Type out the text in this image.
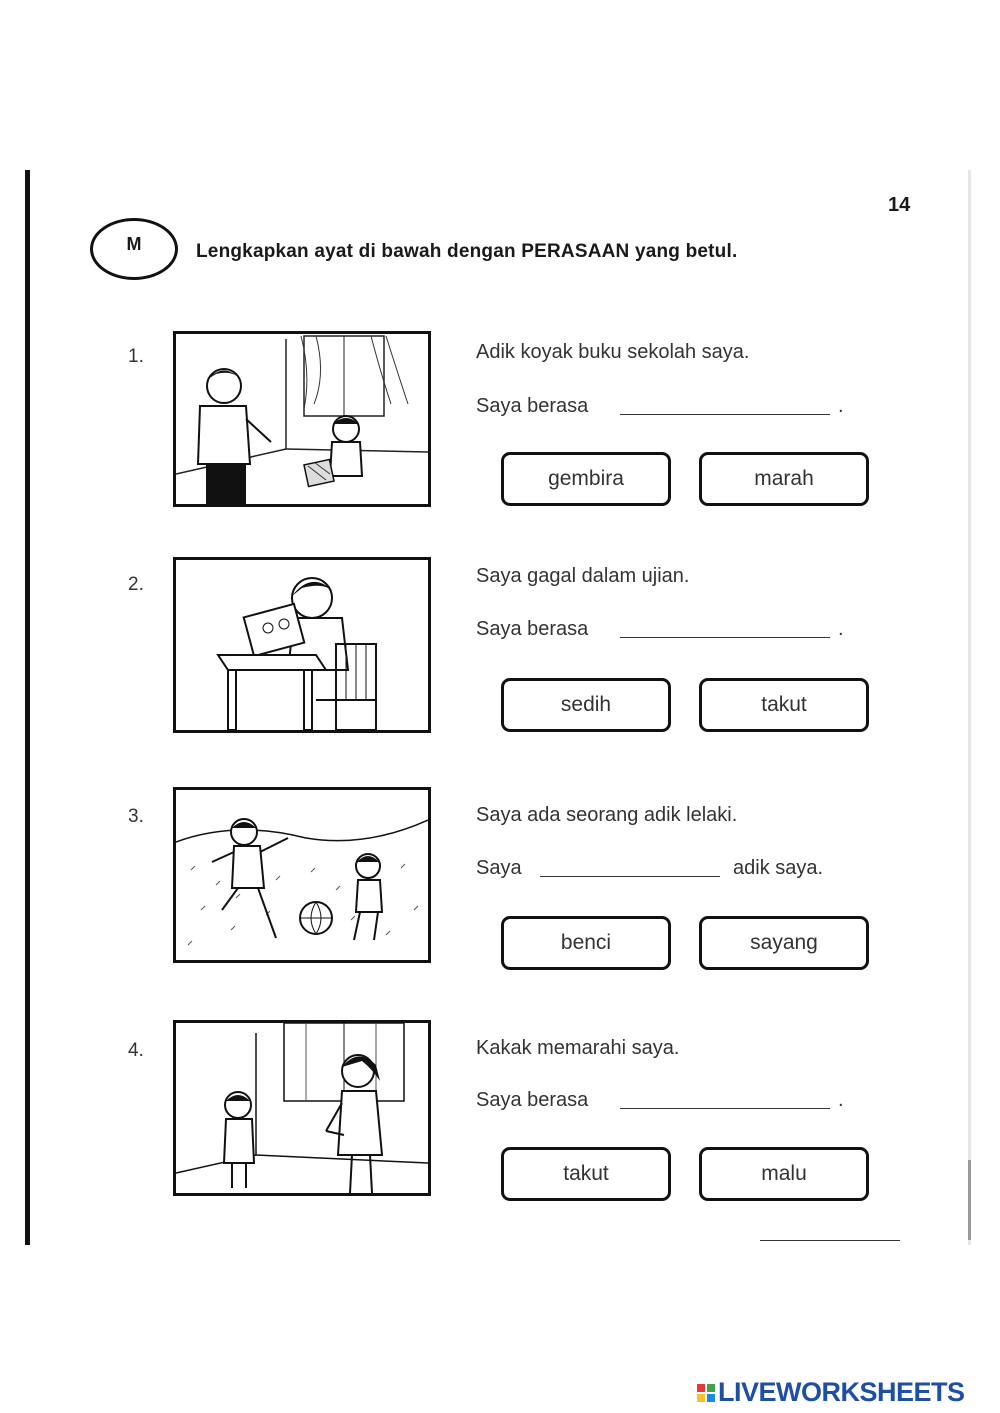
14
M	Lengkapkan ayat di bawah dengan PERASAAN yang betul.
1.	Adik koyak buku sekolah saya.
Saya berasa	.
gembira	marah
2.	Saya gagal dalam ujian.
Saya berasa	.
sedih	takut
3.	Saya ada seorang adik lelaki.
Saya	adik saya.
benci	sayang
4.	Kakak memarahi saya.
Saya berasa	.
takut	malu
LIVEWORKSHEETS
